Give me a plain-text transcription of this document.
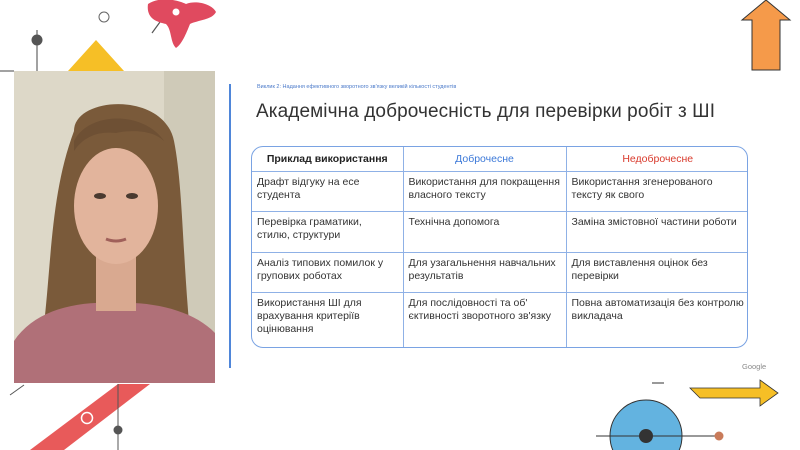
Виклик 2: Надання ефективного зворотного зв'язку великій кількості студентів
Академічна доброчесність для перевірки робіт з ШІ
Приклад використання	Доброчесне	Недоброчесне
Драфт відгуку на есе студента	Використання для покращення власного тексту	Використання згенерованого тексту як свого
Перевірка граматики, стилю, структури	Технічна допомога	Заміна змістовної частини роботи
Аналіз типових помилок у групових роботах	Для узагальнення навчальних результатів	Для виставлення оцінок без перевірки
Використання ШІ для врахування критеріїв оцінювання	Для послідовності та об' єктивності зворотного зв'язку	Повна автоматизація без контролю викладача
Google
